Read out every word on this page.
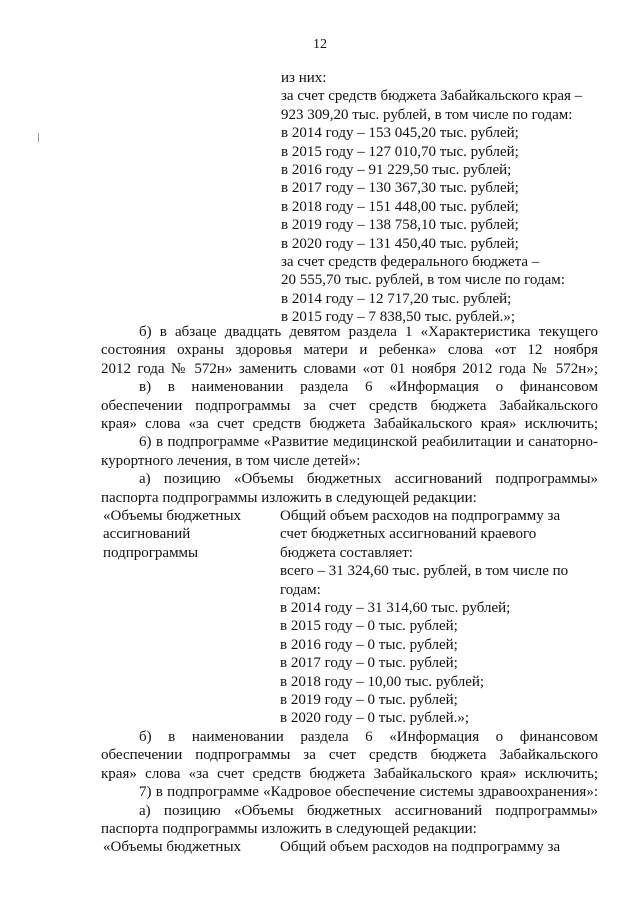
12
из них:
за счет средств бюджета Забайкальского края –
923 309,20 тыс. рублей, в том числе по годам:
в 2014 году – 153 045,20 тыс. рублей;
в 2015 году – 127 010,70 тыс. рублей;
в 2016 году – 91 229,50 тыс. рублей;
в 2017 году – 130 367,30 тыс. рублей;
в 2018 году – 151 448,00 тыс. рублей;
в 2019 году – 138 758,10 тыс. рублей;
в 2020 году – 131 450,40 тыс. рублей;
за счет средств федерального бюджета –
20 555,70 тыс. рублей, в том числе по годам:
в 2014 году – 12 717,20 тыс. рублей;
в 2015 году – 7 838,50 тыс. рублей.»;
б) в абзаце двадцать девятом раздела 1 «Характеристика текущего
состояния охраны здоровья матери и ребенка» слова «от 12 ноября
2012 года № 572н» заменить словами «от 01 ноября 2012 года № 572н»;
в) в наименовании раздела 6 «Информация о финансовом
обеспечении подпрограммы за счет средств бюджета Забайкальского
края» слова «за счет средств бюджета Забайкальского края» исключить;
6) в подпрограмме «Развитие медицинской реабилитации и санаторно-
курортного лечения, в том числе детей»:
а) позицию «Объемы бюджетных ассигнований подпрограммы»
паспорта подпрограммы изложить в следующей редакции:
«Объемы бюджетных
ассигнований
подпрограммы
Общий объем расходов на подпрограмму за
счет бюджетных ассигнований краевого
бюджета составляет:
всего – 31 324,60 тыс. рублей, в том числе по
годам:
в 2014 году – 31 314,60 тыс. рублей;
в 2015 году – 0 тыс. рублей;
в 2016 году – 0 тыс. рублей;
в 2017 году – 0 тыс. рублей;
в 2018 году – 10,00 тыс. рублей;
в 2019 году – 0 тыс. рублей;
в 2020 году – 0 тыс. рублей.»;
б) в наименовании раздела 6 «Информация о финансовом
обеспечении подпрограммы за счет средств бюджета Забайкальского
края» слова «за счет средств бюджета Забайкальского края» исключить;
7) в подпрограмме «Кадровое обеспечение системы здравоохранения»:
а) позицию «Объемы бюджетных ассигнований подпрограммы»
паспорта подпрограммы изложить в следующей редакции:
«Объемы бюджетных	Общий объем расходов на подпрограмму за
